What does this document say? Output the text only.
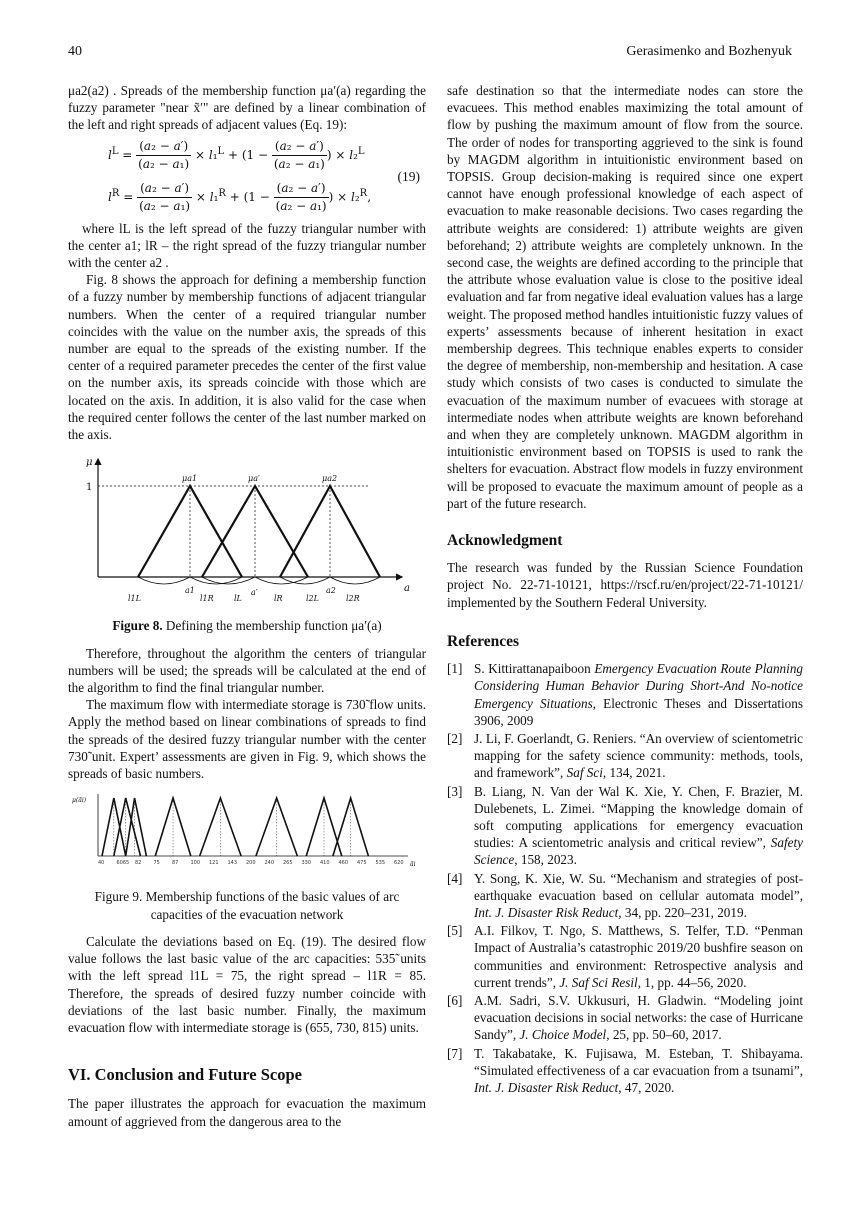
40	Gerasimenko and Bozhenyuk

μa2(a2) . Spreads of the membership function μa′(a) regarding the fuzzy parameter "near x̃′" are defined by a linear combination of the left and right spreads of adjacent values (Eq. 19):

$l^L = \frac{\text{(a₂ − a′)}}{\text{(a₂ − a₁)}} \times l_1^L + (1 - \frac{\text{(a₂ − a′)}}{\text{(a₂ − a₁)}}$ ) × l₂$^L$
$l^R = \frac{\text{(a₂ − a′)}}{\text{(a₂ − a₁)}} \times l_1^R + (1 - \frac{\text{(a₂ − a′)}}{\text{(a₂ − a₁)}}$ ) × l₂$^R$,
(19)

where lL is the left spread of the fuzzy triangular number with the center a1; lR – the right spread of the fuzzy triangular number with the center a2 .

Fig. 8 shows the approach for defining a membership function of a fuzzy number by membership functions of adjacent triangular numbers. When the center of a required triangular number coincides with the value on the number axis, the spreads of this number are equal to the spreads of the existing number. If the center of a required parameter precedes the center of the first value on the number axis, its spreads coincide with those which are located on the axis. In addition, it is also valid for the case when the required center follows the center of the last number marked on the axis.

μ
1
a
μa1	μa′	μa2
l1L
a1
l1R	lL
a′
lR	l2L
a2
l2R
Figure 8. Defining the membership function μa′(a)

Therefore, throughout the algorithm the centers of triangular numbers will be used; the spreads will be calculated at the end of the algorithm to find the final triangular number.

The maximum flow with intermediate storage is 730̃ flow units. Apply the method based on linear combinations of spreads to find the spreads of the desired fuzzy triangular number with the center 730̃ unit. Expert’ assessments are given in Fig. 9, which shows the spreads of basic numbers.

μ(ãi)
ãi
40 6065 82 75 87 100 121 143 200 240 265 330 410 460 475 535 620
Figure 9. Membership functions of the basic values of arc capacities of the evacuation network

Calculate the deviations based on Eq. (19). The desired flow value follows the last basic value of the arc capacities: 535̃ units with the left spread l1L = 75, the right spread – l1R = 85. Therefore, the spreads of desired fuzzy number coincide with deviations of the last basic number. Finally, the maximum evacuation flow with intermediate storage is (655, 730, 815) units.

VI. Conclusion and Future Scope

The paper illustrates the approach for evacuation the maximum amount of aggrieved from the dangerous area to the

safe destination so that the intermediate nodes can store the evacuees. This method enables maximizing the total amount of flow by pushing the maximum amount of flow from the source. The order of nodes for transporting aggrieved to the sink is found by MAGDM algorithm in intuitionistic environment based on TOPSIS. Group decision-making is required since one expert cannot have enough professional knowledge of each aspect of evacuation to make reasonable decisions. Two cases regarding the attribute weights are considered: 1) attribute weights are given beforehand; 2) attribute weights are completely unknown. In the second case, the weights are defined according to the principle that the attribute whose evaluation value is close to the positive ideal evaluation and far from negative ideal evaluation values has a large weight. The proposed method handles intuitionistic fuzzy values of experts’ assessments because of inherent hesitation in exact membership degrees. This technique enables experts to consider the degree of membership, non-membership and hesitation. A case study which consists of two cases is conducted to simulate the evacuation of the maximum number of evacuees with storage at intermediate nodes when attribute weights are known beforehand and when they are completely unknown. MAGDM algorithm in intuitionistic environment based on TOPSIS is used to rank the shelters for evacuation. Abstract flow models in fuzzy environment will be proposed to evacuate the maximum amount of people as a part of the future research.

Acknowledgment

The research was funded by the Russian Science Foundation project No. 22-71-10121, https://rscf.ru/en/project/22-71-10121/ implemented by the Southern Federal University.

References
[1] S. Kittirattanapaiboon Emergency Evacuation Route Planning Considering Human Behavior During Short-And No-notice Emergency Situations, Electronic Theses and Dissertations 3906, 2009
[2] J. Li, F. Goerlandt, G. Reniers. “An overview of scientometric mapping for the safety science community: methods, tools, and framework”, Saf Sci, 134, 2021.
[3] B. Liang, N. Van der Wal K. Xie, Y. Chen, F. Brazier, M. Dulebenets, L. Zimei. “Mapping the knowledge domain of soft computing applications for emergency evacuation studies: A scientometric analysis and critical review”, Safety Science, 158, 2023.
[4] Y. Song, K. Xie, W. Su. “Mechanism and strategies of post-earthquake evacuation based on cellular automata model”, Int. J. Disaster Risk Reduct, 34, pp. 220–231, 2019.
[5] A.I. Filkov, T. Ngo, S. Matthews, S. Telfer, T.D. “Penman Impact of Australia’s catastrophic 2019/20 bushfire season on communities and environment: Retrospective analysis and current trends”, J. Saf Sci Resil, 1, pp. 44–56, 2020.
[6] A.M. Sadri, S.V. Ukkusuri, H. Gladwin. “Modeling joint evacuation decisions in social networks: the case of Hurricane Sandy”, J. Choice Model, 25, pp. 50–60, 2017.
[7] T. Takabatake, K. Fujisawa, M. Esteban, T. Shibayama. “Simulated effectiveness of a car evacuation from a tsunami”, Int. J. Disaster Risk Reduct, 47, 2020.
